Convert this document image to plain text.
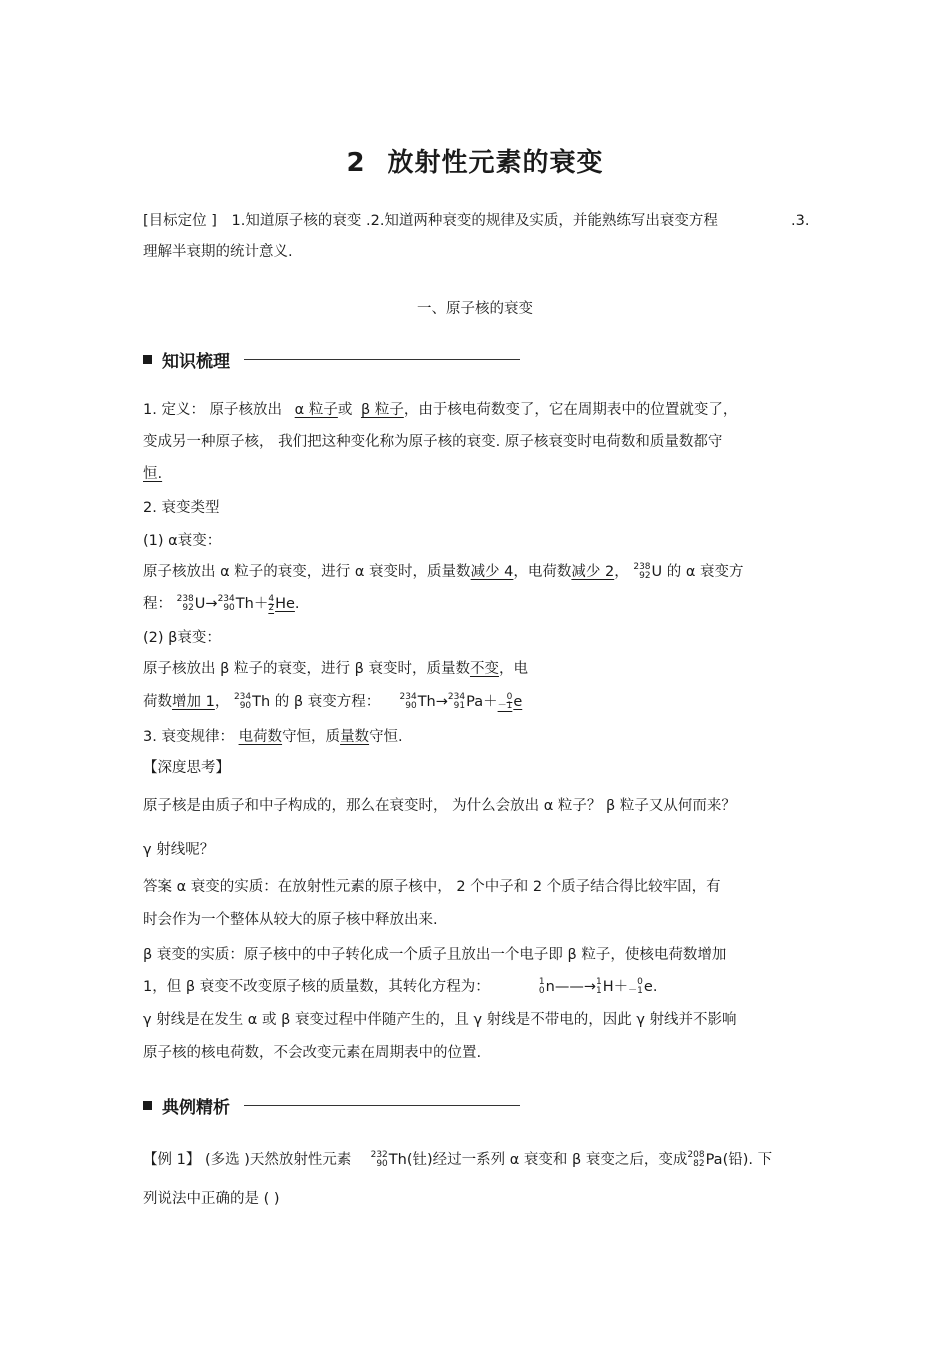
2 放射性元素的衰变
[目标定位 ] 1.知道原子核的衰变 .2.知道两种衰变的规律及实质，并能熟练写出衰变方程	.3.
理解半衰期的统计意义.
一、原子核的衰变
知识梳理
1. 定义： 原子核放出 α 粒子或 β 粒子，由于核电荷数变了，它在周期表中的位置就变了，
变成另一种原子核， 我们把这种变化称为原子核的衰变. 原子核衰变时电荷数和质量数都守
恒.
2. 衰变类型
(1) α衰变：
原子核放出 α 粒子的衰变，进行 α 衰变时，质量数减少 4，电荷数减少 2， 238
92 U 的 α 衰变方
程： 238
92 U → 234
90 Th ＋ 4
2 He .
(2) β衰变：
原子核放出 β 粒子的衰变，进行 β 衰变时，质量数不变，电
荷数增加 1， 234
90 Th 的 β 衰变方程： 234
90 Th → 234
91 Pa ＋ 0
－1 e
3. 衰变规律： 电荷数守恒，质量数守恒.
【深度思考】
原子核是由质子和中子构成的，那么在衰变时， 为什么会放出 α 粒子？ β 粒子又从何而来？
γ 射线呢？
答案 α 衰变的实质：在放射性元素的原子核中， 2 个中子和 2 个质子结合得比较牢固，有
时会作为一个整体从较大的原子核中释放出来.
β 衰变的实质：原子核中的中子转化成一个质子且放出一个电子即 β 粒子，使核电荷数增加
1，但 β 衰变不改变原子核的质量数，其转化方程为：	1
0 n ——→ 1
1 H ＋ 0
－1 e .
γ 射线是在发生 α 或 β 衰变过程中伴随产生的，且 γ 射线是不带电的，因此 γ 射线并不影响
原子核的核电荷数，不会改变元素在周期表中的位置.
典例精析
【例 1】 (多选 )天然放射性元素 232
90 Th (钍)经过一系列 α 衰变和 β 衰变之后，变成 208
82 Pa (铅). 下
列说法中正确的是 ( )
